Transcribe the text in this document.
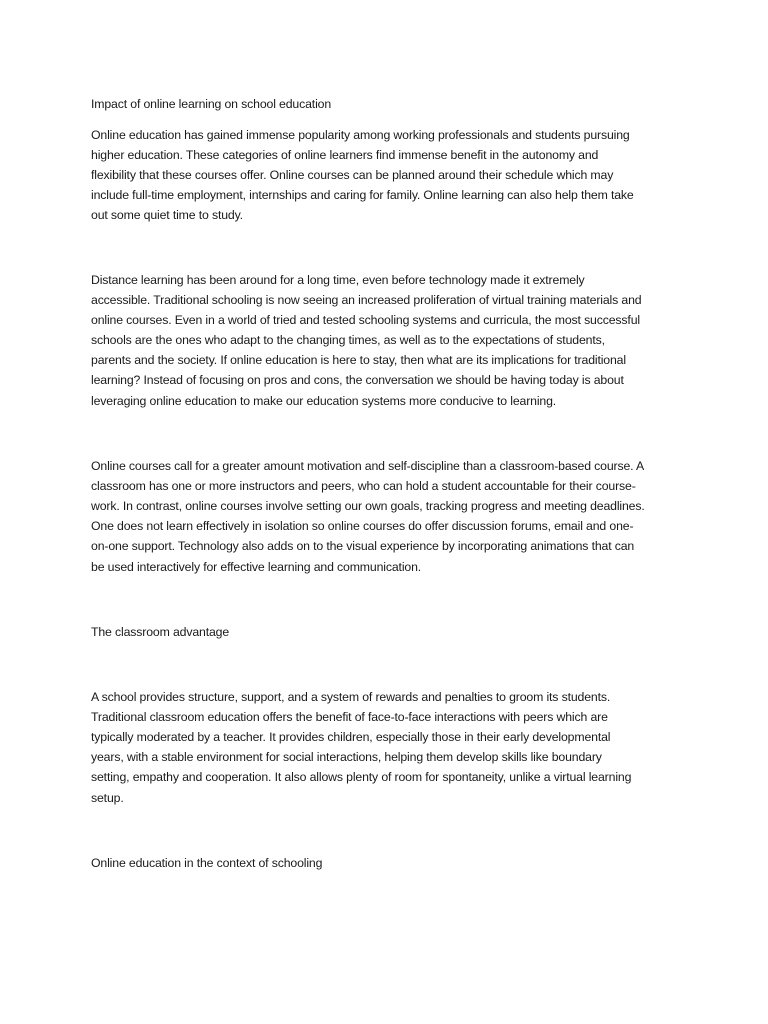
Impact of online learning on school education
Online education has gained immense popularity among working professionals and students pursuing
higher education. These categories of online learners find immense benefit in the autonomy and
flexibility that these courses offer. Online courses can be planned around their schedule which may
include full-time employment, internships and caring for family. Online learning can also help them take
out some quiet time to study.
Distance learning has been around for a long time, even before technology made it extremely
accessible. Traditional schooling is now seeing an increased proliferation of virtual training materials and
online courses. Even in a world of tried and tested schooling systems and curricula, the most successful
schools are the ones who adapt to the changing times, as well as to the expectations of students,
parents and the society. If online education is here to stay, then what are its implications for traditional
learning? Instead of focusing on pros and cons, the conversation we should be having today is about
leveraging online education to make our education systems more conducive to learning.
Online courses call for a greater amount motivation and self-discipline than a classroom-based course. A
classroom has one or more instructors and peers, who can hold a student accountable for their course-
work. In contrast, online courses involve setting our own goals, tracking progress and meeting deadlines.
One does not learn effectively in isolation so online courses do offer discussion forums, email and one-
on-one support. Technology also adds on to the visual experience by incorporating animations that can
be used interactively for effective learning and communication.
The classroom advantage
A school provides structure, support, and a system of rewards and penalties to groom its students.
Traditional classroom education offers the benefit of face-to-face interactions with peers which are
typically moderated by a teacher. It provides children, especially those in their early developmental
years, with a stable environment for social interactions, helping them develop skills like boundary
setting, empathy and cooperation. It also allows plenty of room for spontaneity, unlike a virtual learning
setup.
Online education in the context of schooling
